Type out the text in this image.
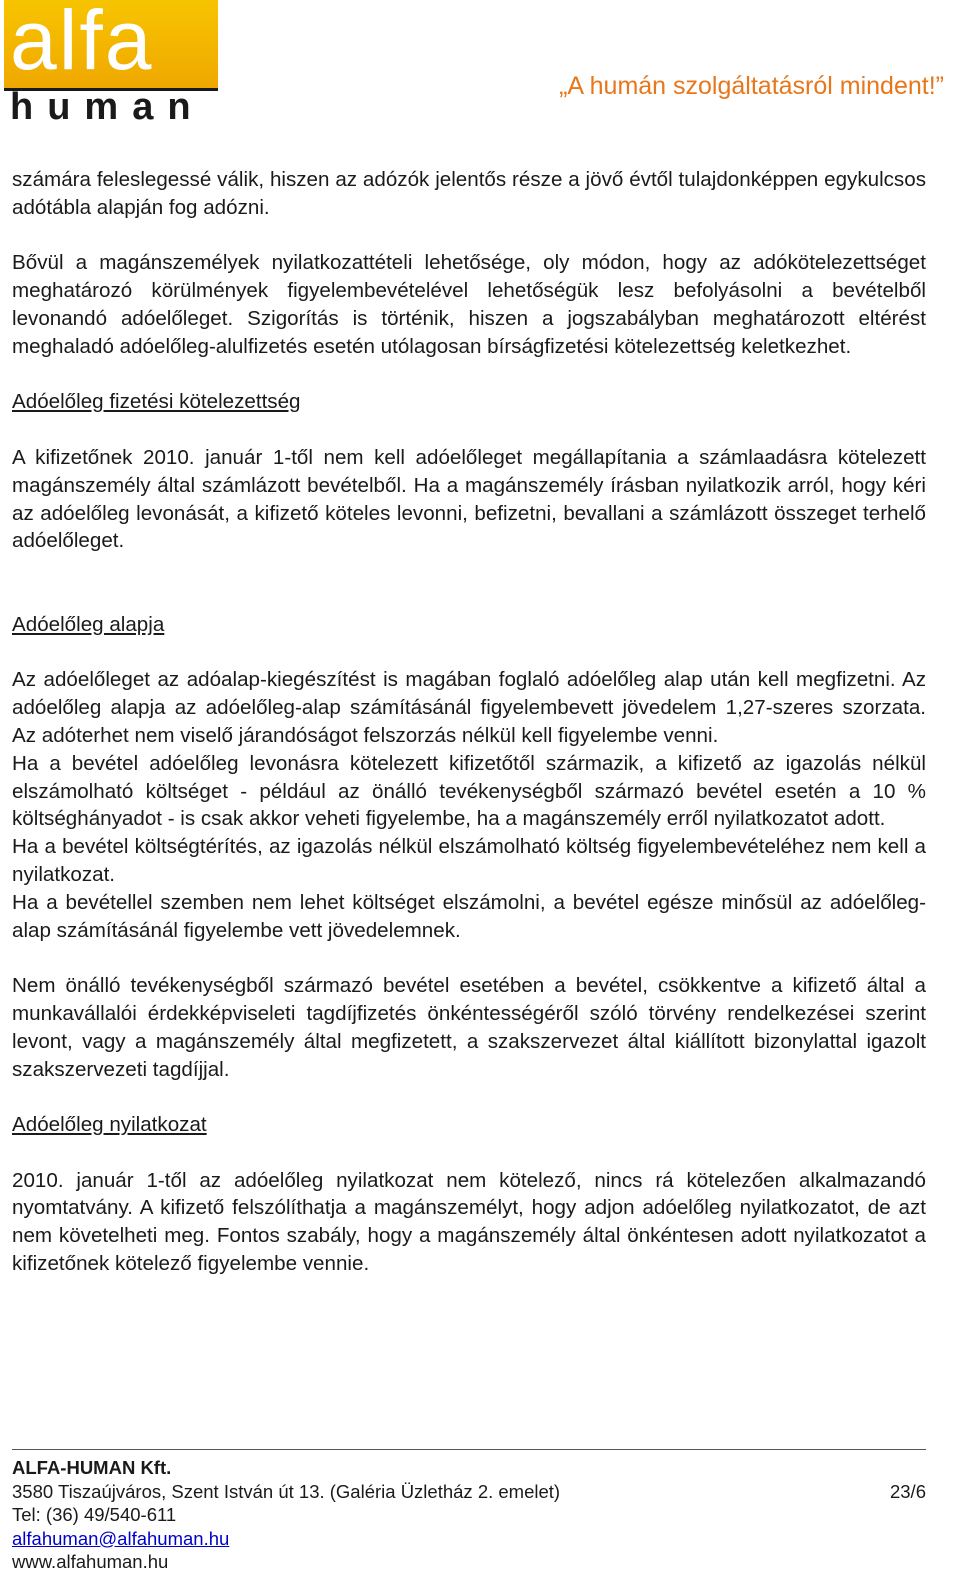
alfa
human	„A humán szolgáltatásról mindent!”

számára feleslegessé válik, hiszen az adózók jelentős része a jövő évtől tulajdonképpen egykulcsos adótábla alapján fog adózni.

Bővül a magánszemélyek nyilatkozattételi lehetősége, oly módon, hogy az adókötelezettséget meghatározó körülmények figyelembevételével lehetőségük lesz befolyásolni a bevételből levonandó adóelőleget. Szigorítás is történik, hiszen a jogszabályban meghatározott eltérést meghaladó adóelőleg-alulfizetés esetén utólagosan bírságfizetési kötelezettség keletkezhet.

Adóelőleg fizetési kötelezettség

A kifizetőnek 2010. január 1-től nem kell adóelőleget megállapítania a számlaadásra kötelezett magánszemély által számlázott bevételből. Ha a magánszemély írásban nyilatkozik arról, hogy kéri az adóelőleg levonását, a kifizető köteles levonni, befizetni, bevallani a számlázott összeget terhelő adóelőleget.

Adóelőleg alapja

Az adóelőleget az adóalap-kiegészítést is magában foglaló adóelőleg alap után kell megfizetni. Az adóelőleg alapja az adóelőleg-alap számításánál figyelembevett jövedelem 1,27-szeres szorzata. Az adóterhet nem viselő járandóságot felszorzás nélkül kell figyelembe venni.

Ha a bevétel adóelőleg levonásra kötelezett kifizetőtől származik, a kifizető az igazolás nélkül elszámolható költséget - például az önálló tevékenységből származó bevétel esetén a 10 % költséghányadot - is csak akkor veheti figyelembe, ha a magánszemély erről nyilatkozatot adott.

Ha a bevétel költségtérítés, az igazolás nélkül elszámolható költség figyelembevételéhez nem kell a nyilatkozat.

Ha a bevétellel szemben nem lehet költséget elszámolni, a bevétel egésze minősül az adóelőleg-alap számításánál figyelembe vett jövedelemnek.

Nem önálló tevékenységből származó bevétel esetében a bevétel, csökkentve a kifizető által a munkavállalói érdekképviseleti tagdíjfizetés önkéntességéről szóló törvény rendelkezései szerint levont, vagy a magánszemély által megfizetett, a szakszervezet által kiállított bizonylattal igazolt szakszervezeti tagdíjjal.

Adóelőleg nyilatkozat

2010. január 1-től az adóelőleg nyilatkozat nem kötelező, nincs rá kötelezően alkalmazandó nyomtatvány. A kifizető felszólíthatja a magánszemélyt, hogy adjon adóelőleg nyilatkozatot, de azt nem követelheti meg. Fontos szabály, hogy a magánszemély által önkéntesen adott nyilatkozatot a kifizetőnek kötelező figyelembe vennie.

ALFA-HUMAN Kft.
3580 Tiszaújváros, Szent István út 13. (Galéria Üzletház 2. emelet)	23/6
Tel: (36) 49/540-611
alfahuman@alfahuman.hu
www.alfahuman.hu
